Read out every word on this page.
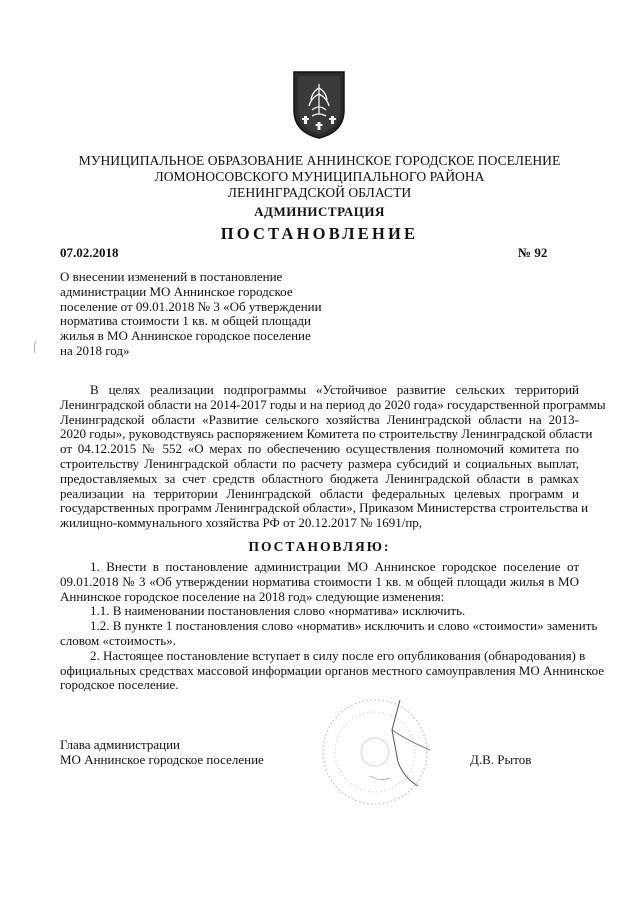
МУНИЦИПАЛЬНОЕ ОБРАЗОВАНИЕ АННИНСКОЕ ГОРОДСКОЕ ПОСЕЛЕНИЕ
ЛОМОНОСОВСКОГО МУНИЦИПАЛЬНОГО РАЙОНА
ЛЕНИНГРАДСКОЙ ОБЛАСТИ
АДМИНИСТРАЦИЯ
ПОСТАНОВЛЕНИЕ
07.02.2018	№ 92
О внесении изменений в постановление
администрации МО Аннинское городское
поселение от 09.01.2018 № 3 «Об утверждении
норматива стоимости 1 кв. м общей площади
жилья в МО Аннинское городское поселение
на 2018 год»
В целях реализации подпрограммы «Устойчивое развитие сельских территорий
Ленинградской области на 2014-2017 годы и на период до 2020 года» государственной программы
Ленинградской области «Развитие сельского хозяйства Ленинградской области на 2013-
2020 годы», руководствуясь распоряжением Комитета по строительству Ленинградской области
от 04.12.2015 № 552 «О мерах по обеспечению осуществления полномочий комитета по
строительству Ленинградской области по расчету размера субсидий и социальных выплат,
предоставляемых за счет средств областного бюджета Ленинградской области в рамках
реализации на территории Ленинградской области федеральных целевых программ и
государственных программ Ленинградской области», Приказом Министерства строительства и
жилищно-коммунального хозяйства РФ от 20.12.2017 № 1691/пр,
ПОСТАНОВЛЯЮ:
1. Внести в постановление администрации МО Аннинское городское поселение от
09.01.2018 № 3 «Об утверждении норматива стоимости 1 кв. м общей площади жилья в МО
Аннинское городское поселение на 2018 год» следующие изменения:
1.1. В наименовании постановления слово «норматива» исключить.
1.2. В пункте 1 постановления слово «норматив» исключить и слово «стоимости» заменить
словом «стоимость».
2. Настоящее постановление вступает в силу после его опубликования (обнародования) в
официальных средствах массовой информации органов местного самоуправления МО Аннинское
городское поселение.
Глава администрации
МО Аннинское городское поселение	Д.В. Рытов
